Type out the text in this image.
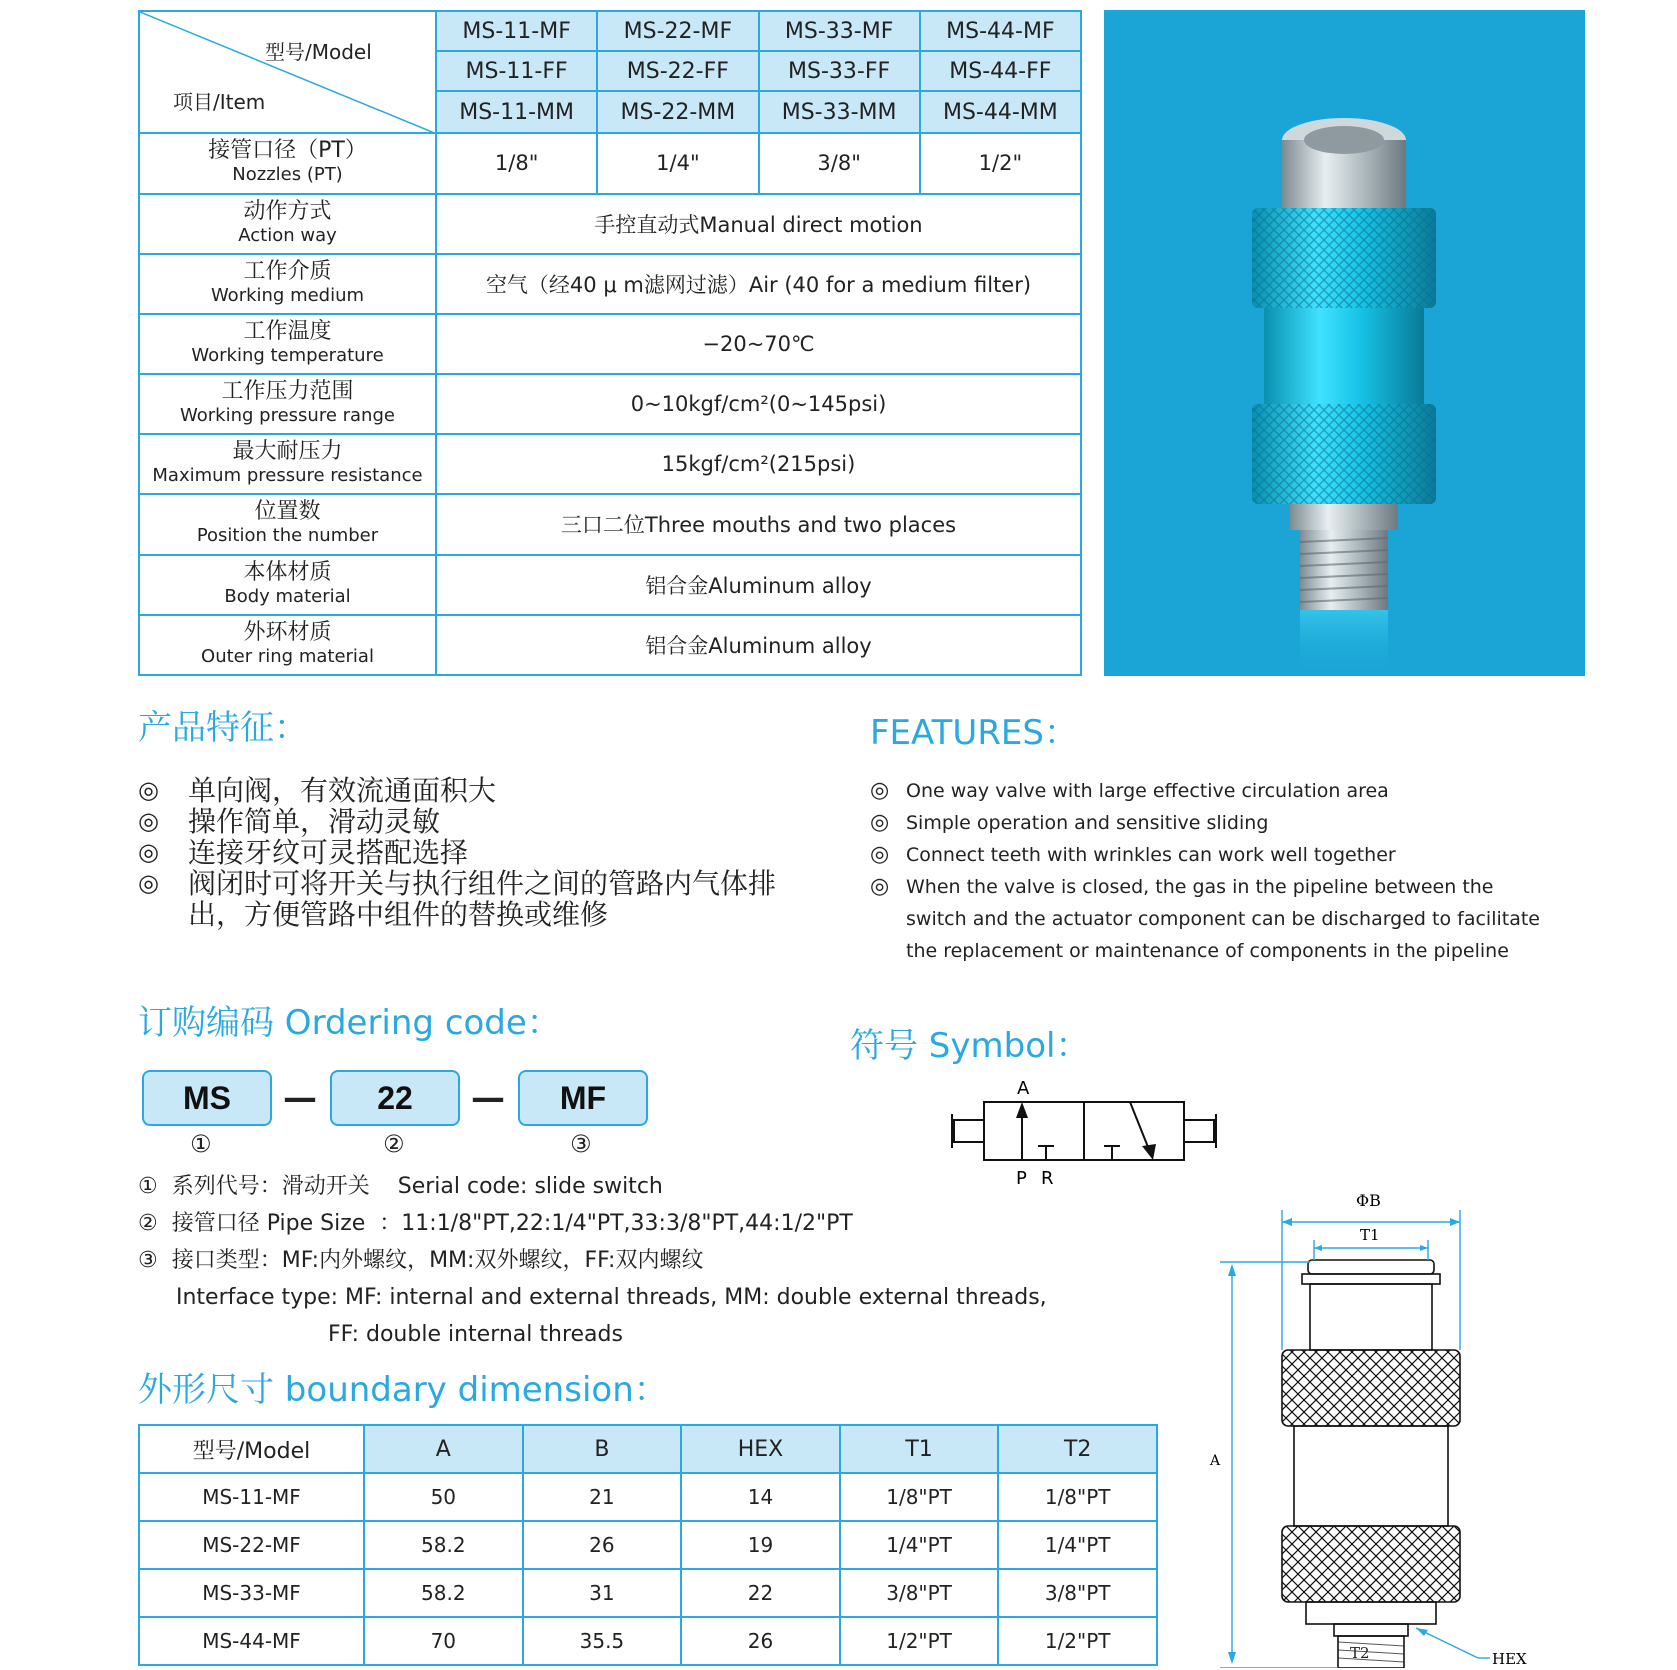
型号/Model
项目/Item	MS-11-MF	MS-22-MF	MS-33-MF	MS-44-MF
	MS-11-FF	MS-22-FF	MS-33-FF	MS-44-FF
	MS-11-MM	MS-22-MM	MS-33-MM	MS-44-MM

接管口径（PT）
Nozzles (PT)	1/8"	1/4"	3/8"	1/2"

动作方式
Action way	手控直动式Manual direct motion			

工作介质
Working medium	空气（经40 μ m滤网过滤）Air (40 for a medium filter)			

工作温度
Working temperature	−20~70℃			

工作压力范围
Working pressure range	0~10kgf/cm²(0~145psi)			

最大耐压力
Maximum pressure resistance	15kgf/cm²(215psi)			

位置数
Position the number	三口二位Three mouths and two places			

本体材质
Body material	铝合金Aluminum alloy			

外环材质
Outer ring material	铝合金Aluminum alloy			
产品特征：	FEATURES：
◎	单向阀，有效流通面积大
◎	操作简单，滑动灵敏
◎	连接牙纹可灵搭配选择
◎	阀闭时可将开关与执行组件之间的管路内气体排出，方便管路中组件的替换或维修
◎ One way valve with large effective circulation area
◎ Simple operation and sensitive sliding
◎ Connect teeth with wrinkles can work well together
◎ When the valve is closed, the gas in the pipeline between the switch and the actuator component can be discharged to facilitate the replacement or maintenance of components in the pipeline
订购编码 Ordering code：
MS	—	22	—	MF
①	②	③
① 系列代号：滑动开关 Serial code: slide switch
② 接管口径 Pipe Size ：11:1/8"PT,22:1/4"PT,33:3/8"PT,44:1/2"PT
③ 接口类型：MF:内外螺纹，MM:双外螺纹，FF:双内螺纹
Interface type: MF: internal and external threads, MM: double external threads,
FF: double internal threads
符号 Symbol：
A
P R
外形尺寸 boundary dimension：
型号/Model	A	B	HEX	T1	T2
MS-11-MF	50	21	14	1/8"PT	1/8"PT
MS-22-MF	58.2	26	19	1/4"PT	1/4"PT
MS-33-MF	58.2	31	22	3/8"PT	3/8"PT
MS-44-MF	70	35.5	26	1/2"PT	1/2"PT
ΦB
T1
A
HEX
T2
